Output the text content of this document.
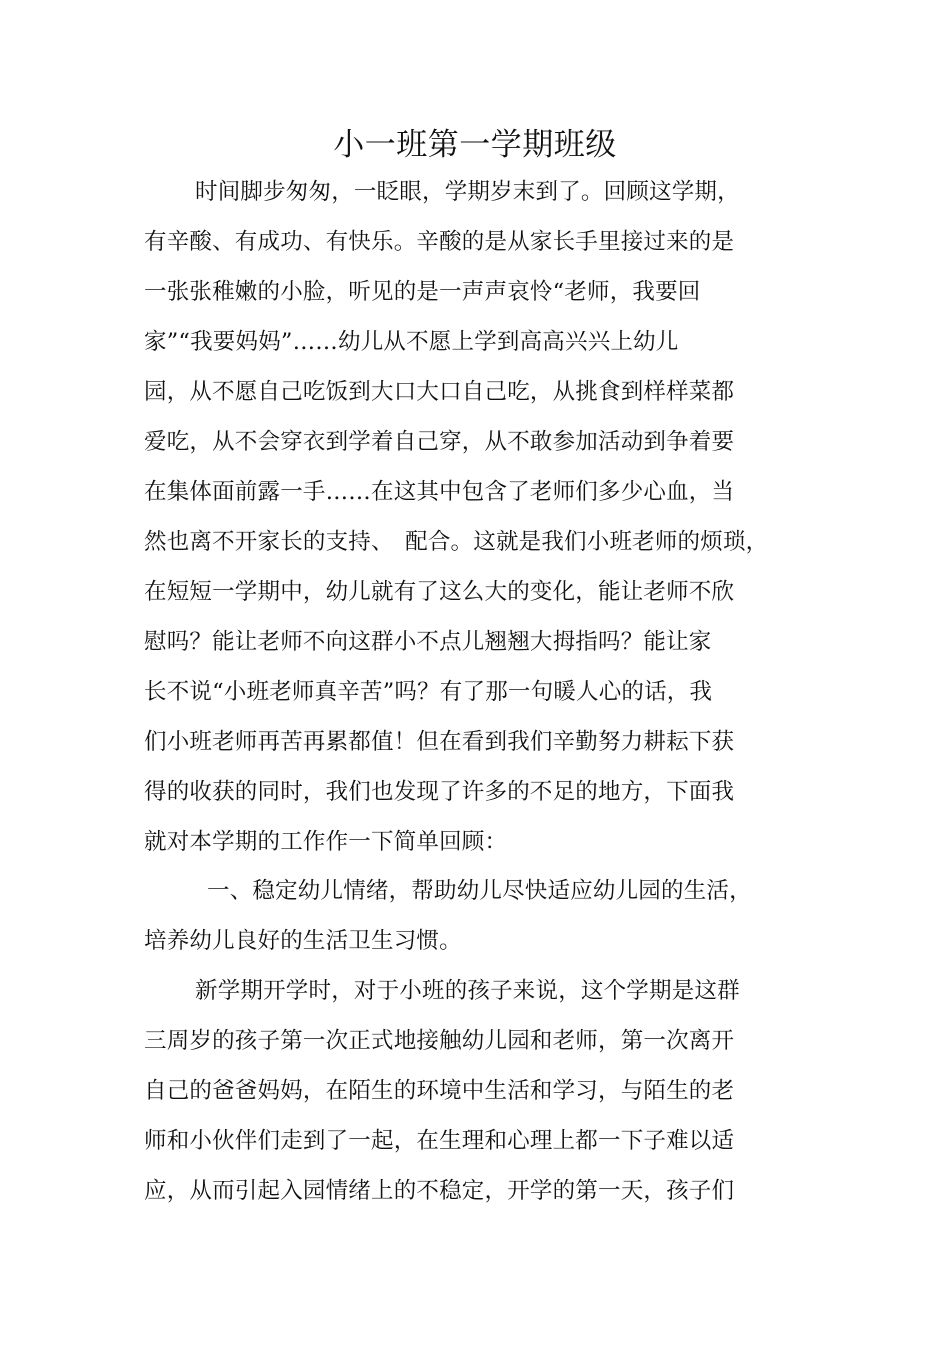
小一班第一学期班级

时间脚步匆匆，一眨眼，学期岁末到了。回顾这学期，

有辛酸、有成功、有快乐。辛酸的是从家长手里接过来的是

一张张稚嫩的小脸，听见的是一声声哀怜“老师，我要回

家”“我要妈妈”……幼儿从不愿上学到高高兴兴上幼儿

园，从不愿自己吃饭到大口大口自己吃，从挑食到样样菜都

爱吃，从不会穿衣到学着自己穿，从不敢参加活动到争着要

在集体面前露一手……在这其中包含了老师们多少心血，当

然也离不开家长的支持、　配合。这就是我们小班老师的烦琐，

在短短一学期中，幼儿就有了这么大的变化，能让老师不欣

慰吗？能让老师不向这群小不点儿翘翘大拇指吗？能让家

长不说“小班老师真辛苦”吗？有了那一句暖人心的话，我

们小班老师再苦再累都值！但在看到我们辛勤努力耕耘下获

得的收获的同时，我们也发现了许多的不足的地方，下面我

就对本学期的工作作一下简单回顾：

一、稳定幼儿情绪，帮助幼儿尽快适应幼儿园的生活，

培养幼儿良好的生活卫生习惯。

新学期开学时，对于小班的孩子来说，这个学期是这群

三周岁的孩子第一次正式地接触幼儿园和老师，第一次离开

自己的爸爸妈妈，在陌生的环境中生活和学习，与陌生的老

师和小伙伴们走到了一起，在生理和心理上都一下子难以适

应，从而引起入园情绪上的不稳定，开学的第一天，孩子们
